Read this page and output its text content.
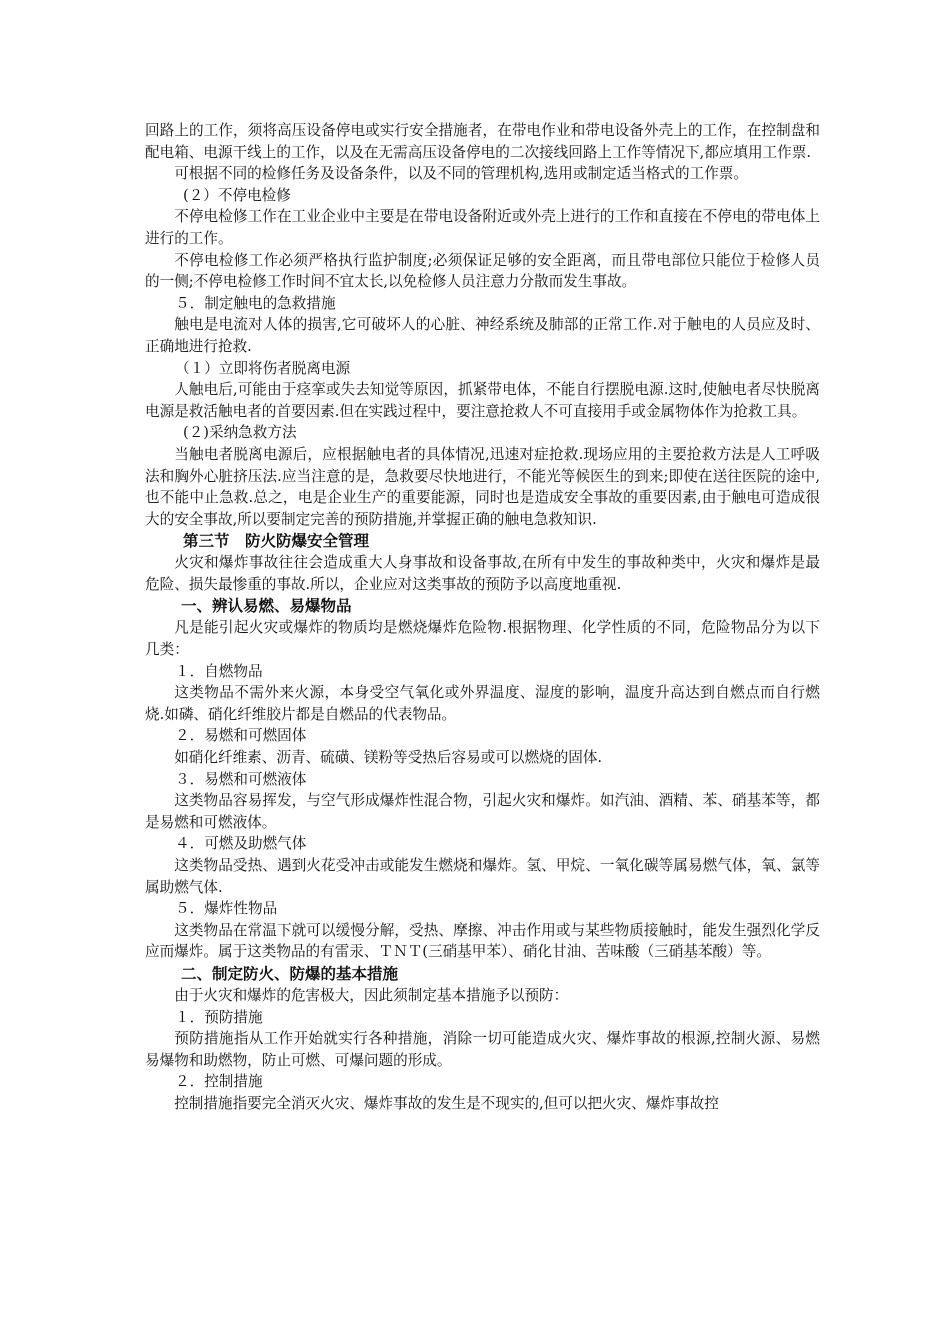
回路上的工作，须将高压设备停电或实行安全措施者，在带电作业和带电设备外壳上的工作，在控制盘和配电箱、电源干线上的工作，以及在无需高压设备停电的二次接线回路上工作等情况下,都应填用工作票.

可根据不同的检修任务及设备条件，以及不同的管理机构,选用或制定适当格式的工作票。

(２）不停电检修

不停电检修工作在工业企业中主要是在带电设备附近或外壳上进行的工作和直接在不停电的带电体上进行的工作。

不停电检修工作必须严格执行监护制度;必须保证足够的安全距离，而且带电部位只能位于检修人员的一侧;不停电检修工作时间不宜太长,以免检修人员注意力分散而发生事故。

５．制定触电的急救措施

触电是电流对人体的损害,它可破坏人的心脏、神经系统及肺部的正常工作.对于触电的人员应及时、正确地进行抢救.

（１）立即将伤者脱离电源

人触电后,可能由于痉挛或失去知觉等原因，抓紧带电体，不能自行摆脱电源.这时,使触电者尽快脱离电源是救活触电者的首要因素.但在实践过程中，要注意抢救人不可直接用手或金属物体作为抢救工具。

(２)采纳急救方法

当触电者脱离电源后，应根据触电者的具体情况,迅速对症抢救.现场应用的主要抢救方法是人工呼吸法和胸外心脏挤压法.应当注意的是，急救要尽快地进行，不能光等候医生的到来;即使在送往医院的途中,也不能中止急救.总之，电是企业生产的重要能源，同时也是造成安全事故的重要因素,由于触电可造成很大的安全事故,所以要制定完善的预防措施,并掌握正确的触电急救知识.

第三节　防火防爆安全管理

火灾和爆炸事故往往会造成重大人身事故和设备事故,在所有中发生的事故种类中，火灾和爆炸是最危险、损失最惨重的事故.所以，企业应对这类事故的预防予以高度地重视.

一、辨认易燃、易爆物品

凡是能引起火灾或爆炸的物质均是燃烧爆炸危险物.根据物理、化学性质的不同，危险物品分为以下几类：

１．自燃物品

这类物品不需外来火源，本身受空气氧化或外界温度、湿度的影响，温度升高达到自燃点而自行燃烧.如磷、硝化纤维胶片都是自燃品的代表物品。

２．易燃和可燃固体

如硝化纤维素、沥青、硫磺、镁粉等受热后容易或可以燃烧的固体.

３．易燃和可燃液体

这类物品容易挥发，与空气形成爆炸性混合物，引起火灾和爆炸。如汽油、酒精、苯、硝基苯等，都是易燃和可燃液体。

４．可燃及助燃气体

这类物品受热、遇到火花受冲击或能发生燃烧和爆炸。氢、甲烷、一氧化碳等属易燃气体，氧、氯等属助燃气体.

５．爆炸性物品

这类物品在常温下就可以缓慢分解，受热、摩擦、冲击作用或与某些物质接触时，能发生强烈化学反应而爆炸。属于这类物品的有雷汞、ＴＮＴ(三硝基甲苯）、硝化甘油、苦味酸（三硝基苯酸）等。

二、制定防火、防爆的基本措施

由于火灾和爆炸的危害极大，因此须制定基本措施予以预防：

１．预防措施

预防措施指从工作开始就实行各种措施，消除一切可能造成火灾、爆炸事故的根源,控制火源、易燃易爆物和助燃物，防止可燃、可爆问题的形成。

２．控制措施

控制措施指要完全消灭火灾、爆炸事故的发生是不现实的,但可以把火灾、爆炸事故控
